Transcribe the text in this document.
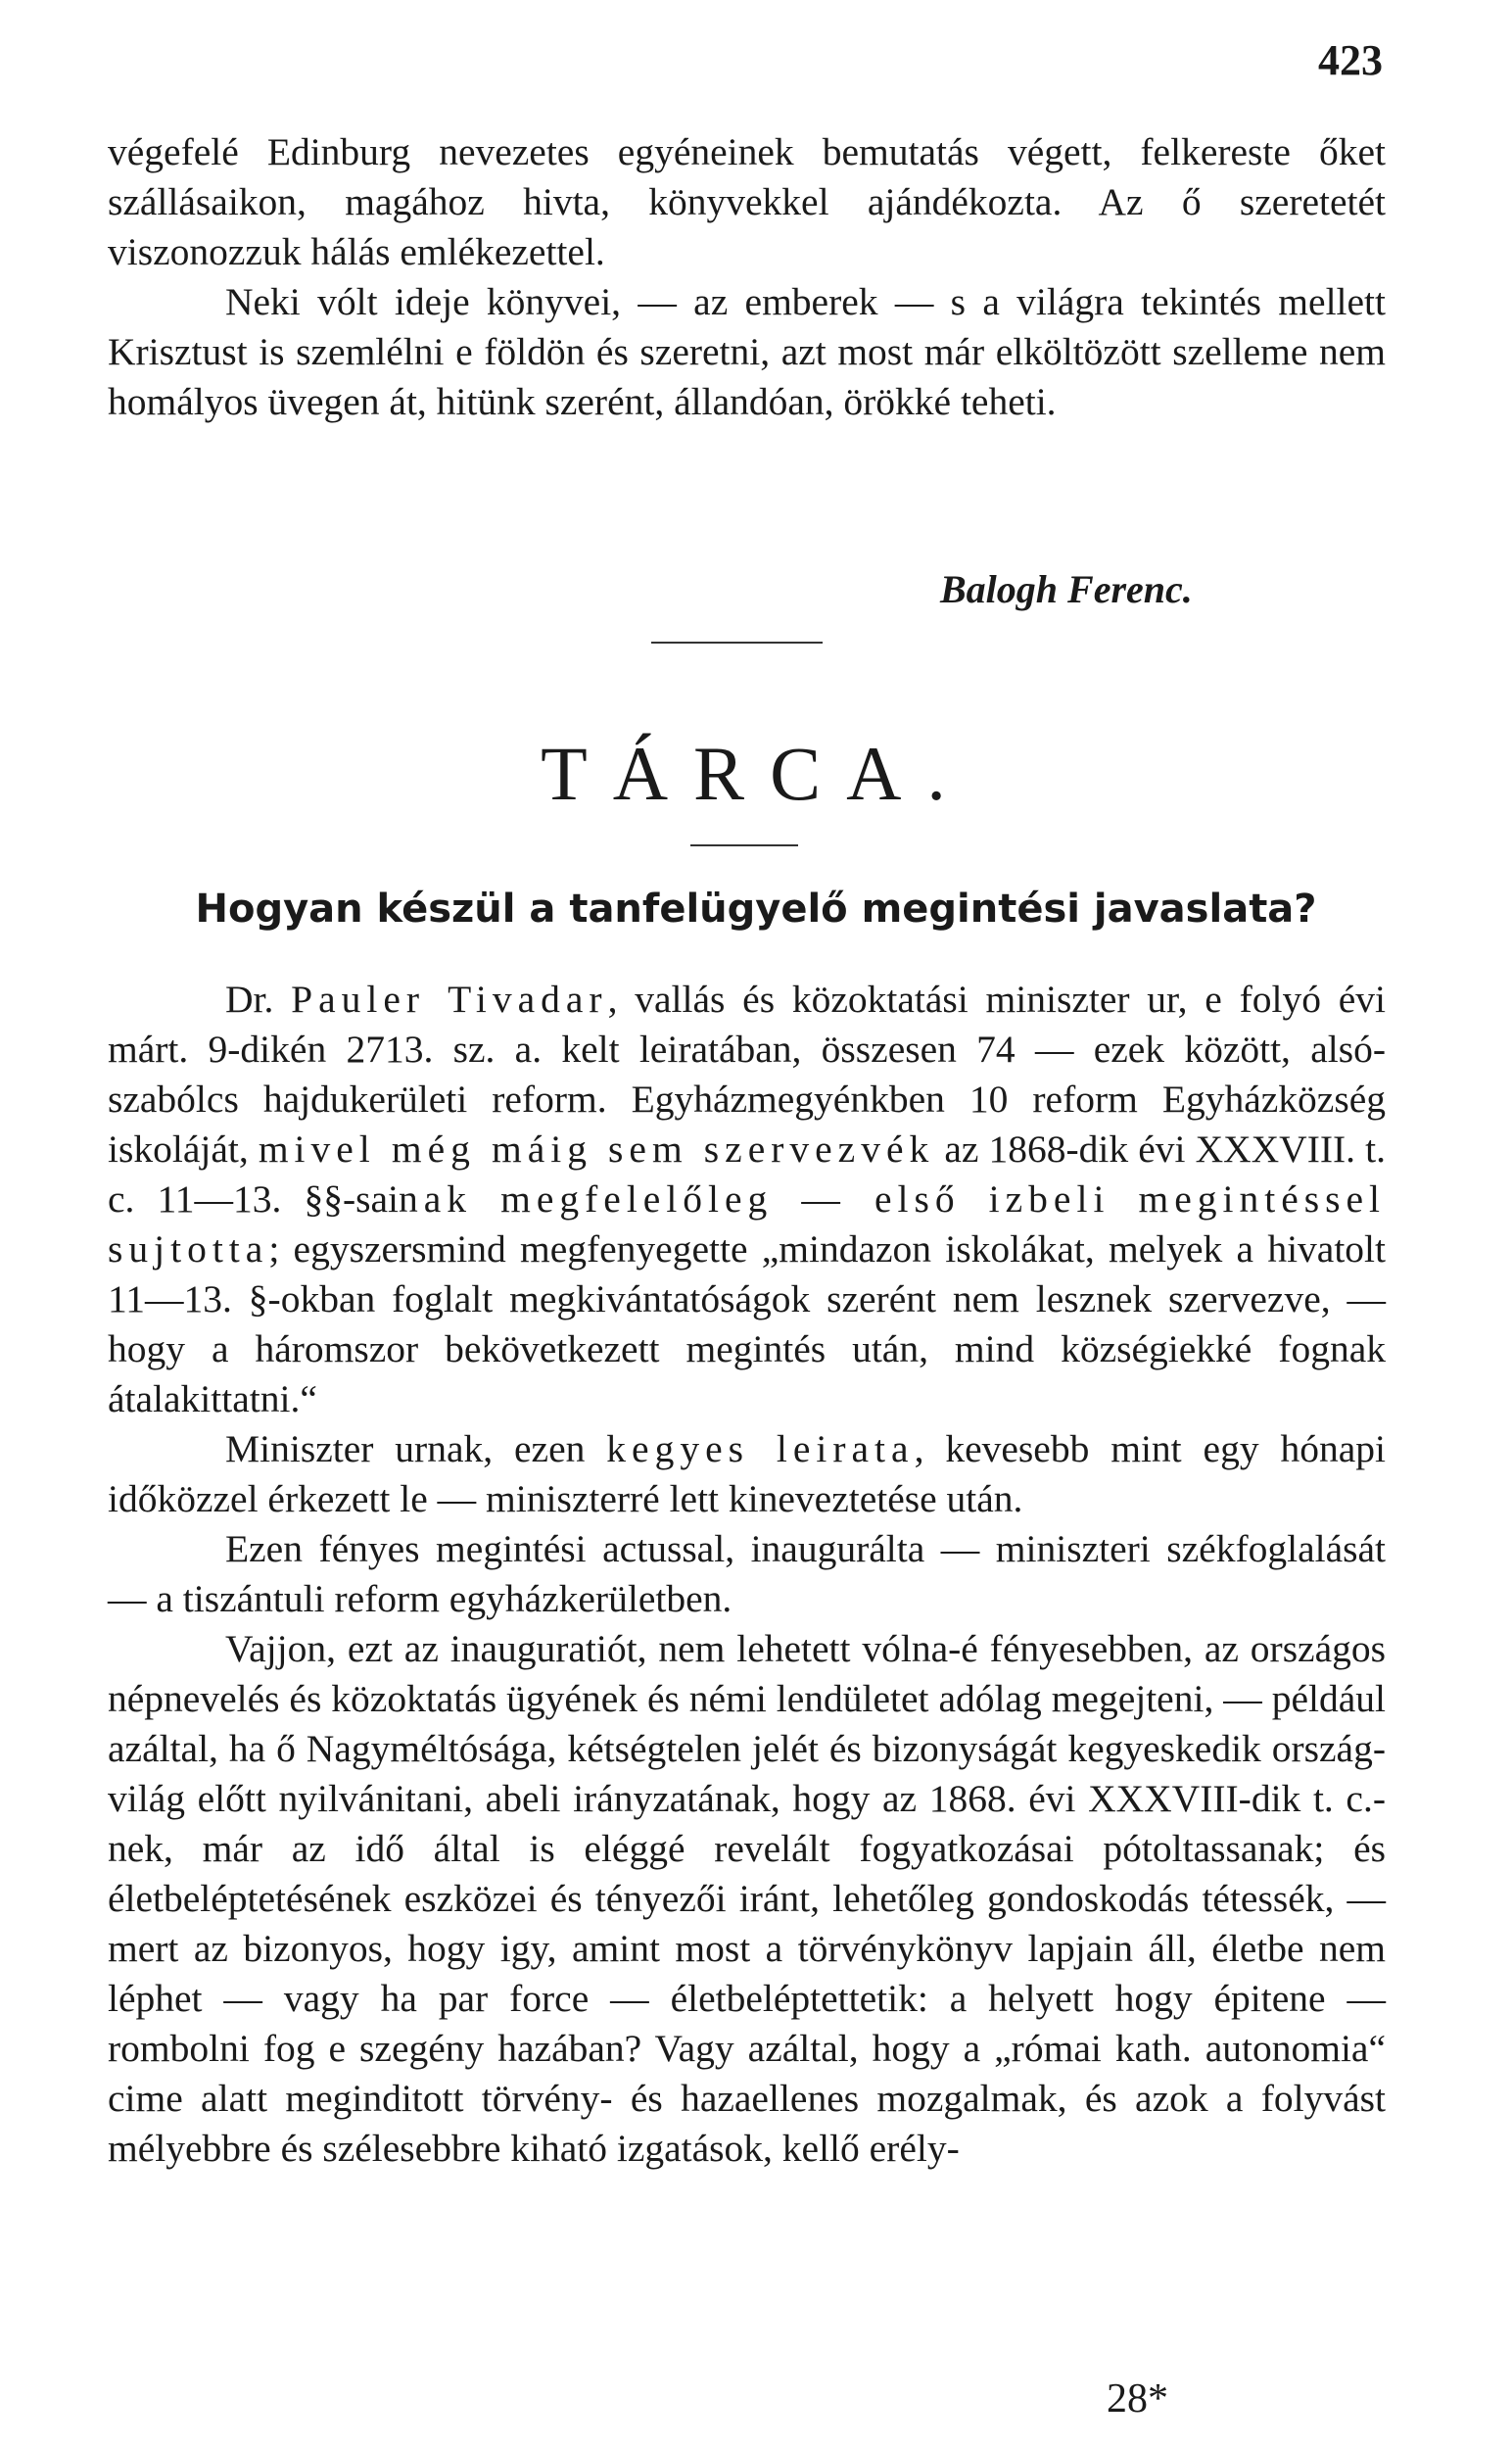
423

végefelé Edinburg nevezetes egyéneinek bemutatás végett, felkereste őket szállásaikon, magához hivta, könyvekkel ajándékozta. Az ő szeretetét viszonozzuk hálás emlékezettel.

Neki vólt ideje könyvei, — az emberek — s a világra tekintés mellett Krisztust is szemlélni e földön és szeretni, azt most már elköltözött szelleme nem homályos üvegen át, hitünk szerént, állandóan, örökké teheti.

Balogh Ferenc.
TÁRCA.
Hogyan készül a tanfelügyelő megintési javaslata?

Dr. Pauler Tivadar, vallás és közoktatási miniszter ur, e folyó évi márt. 9-dikén 2713. sz. a. kelt leiratában, összesen 74 — ezek között, alsó-szabólcs hajdukerületi reform. Egyházmegyénkben 10 reform Egyházközség iskoláját, mivel még máig sem szervezvék az 1868-dik évi XXXVIII. t. c. 11—13. §§-sainak megfelelőleg — első izbeli megintéssel sujtotta; egyszersmind megfenyegette „mindazon iskolákat, melyek a hivatolt 11—13. §-okban foglalt megkivántatóságok szerént nem lesznek szervezve, — hogy a háromszor bekövetkezett megintés után, mind községiekké fognak átalakittatni.“

Miniszter urnak, ezen kegyes leirata, kevesebb mint egy hónapi időközzel érkezett le — miniszterré lett kineveztetése után.

Ezen fényes megintési actussal, inaugurálta — miniszteri székfoglalását — a tiszántuli reform egyházkerületben.

Vajjon, ezt az inauguratiót, nem lehetett vólna-é fényesebben, az országos népnevelés és közoktatás ügyének és némi lendületet adólag megejteni, — például azáltal, ha ő Nagyméltósága, kétségtelen jelét és bizonyságát kegyeskedik ország-világ előtt nyilvánitani, abeli irányzatának, hogy az 1868. évi XXXVIII-dik t. c.-nek, már az idő által is eléggé revelált fogyatkozásai pótoltassanak; és életbeléptetésének eszközei és tényezői iránt, lehetőleg gondoskodás tétessék, — mert az bizonyos, hogy igy, amint most a törvénykönyv lapjain áll, életbe nem léphet — vagy ha par force — életbeléptettetik: a helyett hogy épitene — rombolni fog e szegény hazában? Vagy azáltal, hogy a „római kath. autonomia“ cime alatt meginditott törvény- és hazaellenes mozgalmak, és azok a folyvást mélyebbre és szélesebbre kiható izgatások, kellő erély-

28*
